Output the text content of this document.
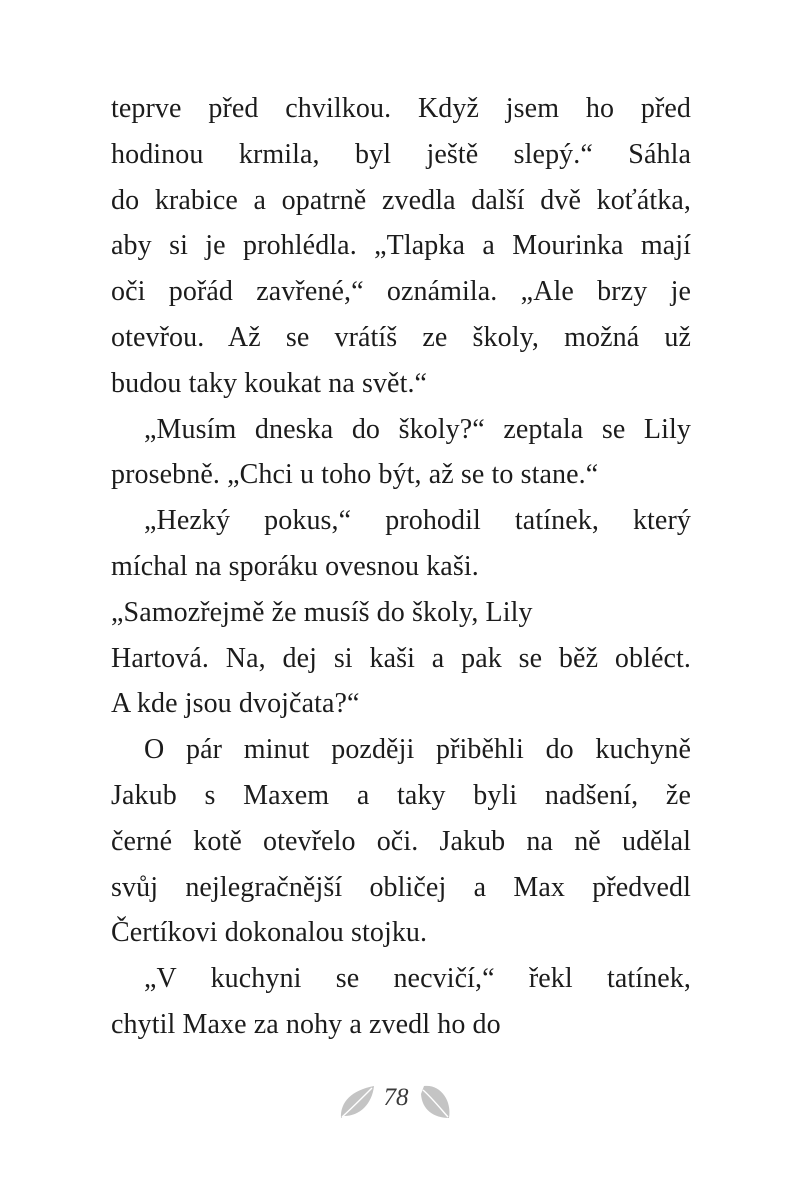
teprve před chvilkou. Když jsem ho před
hodinou krmila, byl ještě slepý.“ Sáhla
do krabice a opatrně zvedla další dvě koťátka,
aby si je prohlédla. „Tlapka a Mourinka mají
oči pořád zavřené,“ oznámila. „Ale brzy je
otevřou. Až se vrátíš ze školy, možná už
budou taky koukat na svět.“
„Musím dneska do školy?“ zeptala se Lily
prosebně. „Chci u toho být, až se to stane.“
„Hezký pokus,“ prohodil tatínek, který
míchal na sporáku ovesnou kaši.
„Samozřejmě že musíš do školy, Lily
Hartová. Na, dej si kaši a pak se běž obléct.
A kde jsou dvojčata?“
O pár minut později přiběhli do kuchyně
Jakub s Maxem a taky byli nadšení, že
černé kotě otevřelo oči. Jakub na ně udělal
svůj nejlegračnější obličej a Max předvedl
Čertíkovi dokonalou stojku.
„V kuchyni se necvičí,“ řekl tatínek,
chytil Maxe za nohy a zvedl ho do
78
